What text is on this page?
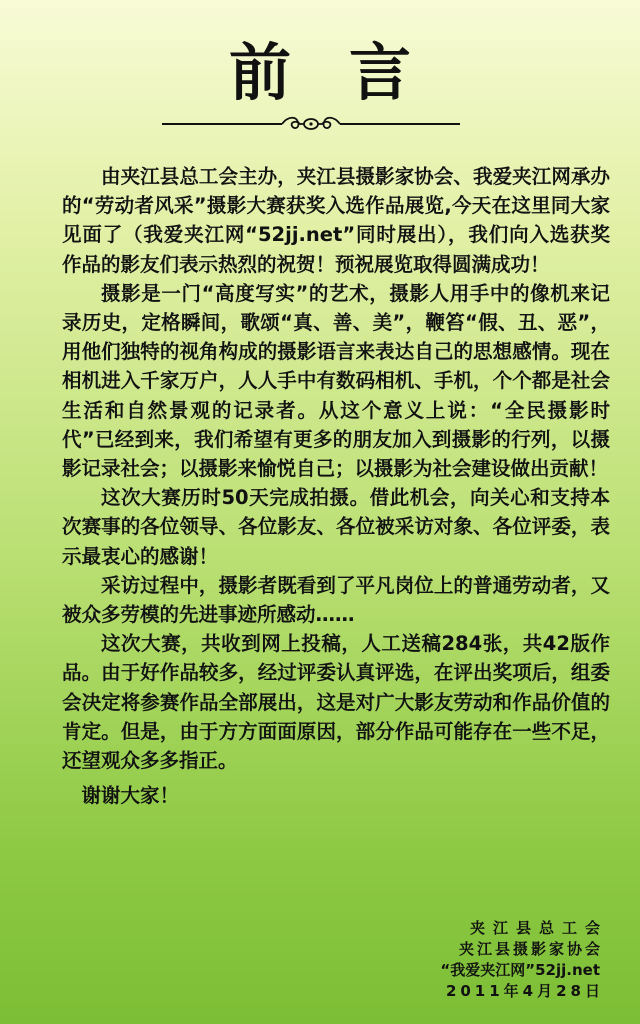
前言

由夹江县总工会主办，夹江县摄影家协会、我爱夹江网承办的“劳动者风采”摄影大赛获奖入选作品展览,今天在这里同大家见面了（我爱夹江网“52jj.net”同时展出），我们向入选获奖作品的影友们表示热烈的祝贺！预祝展览取得圆满成功！

摄影是一门“高度写实”的艺术，摄影人用手中的像机来记录历史，定格瞬间，歌颂“真、善、美”，鞭笞“假、丑、恶”，用他们独特的视角构成的摄影语言来表达自己的思想感情。现在相机进入千家万户，人人手中有数码相机、手机，个个都是社会生活和自然景观的记录者。从这个意义上说：“全民摄影时代”已经到来，我们希望有更多的朋友加入到摄影的行列，以摄影记录社会；以摄影来愉悦自己；以摄影为社会建设做出贡献！

这次大赛历时50天完成拍摄。借此机会，向关心和支持本次赛事的各位领导、各位影友、各位被采访对象、各位评委，表示最衷心的感谢！

采访过程中，摄影者既看到了平凡岗位上的普通劳动者，又被众多劳模的先进事迹所感动……

这次大赛，共收到网上投稿，人工送稿284张，共42版作品。由于好作品较多，经过评委认真评选，在评出奖项后，组委会决定将参赛作品全部展出，这是对广大影友劳动和作品价值的肯定。但是，由于方方面面原因，部分作品可能存在一些不足，还望观众多多指正。

谢谢大家！

夹江县总工会
夹江县摄影家协会
“我爱夹江网”52jj.net
2011年4月28日
